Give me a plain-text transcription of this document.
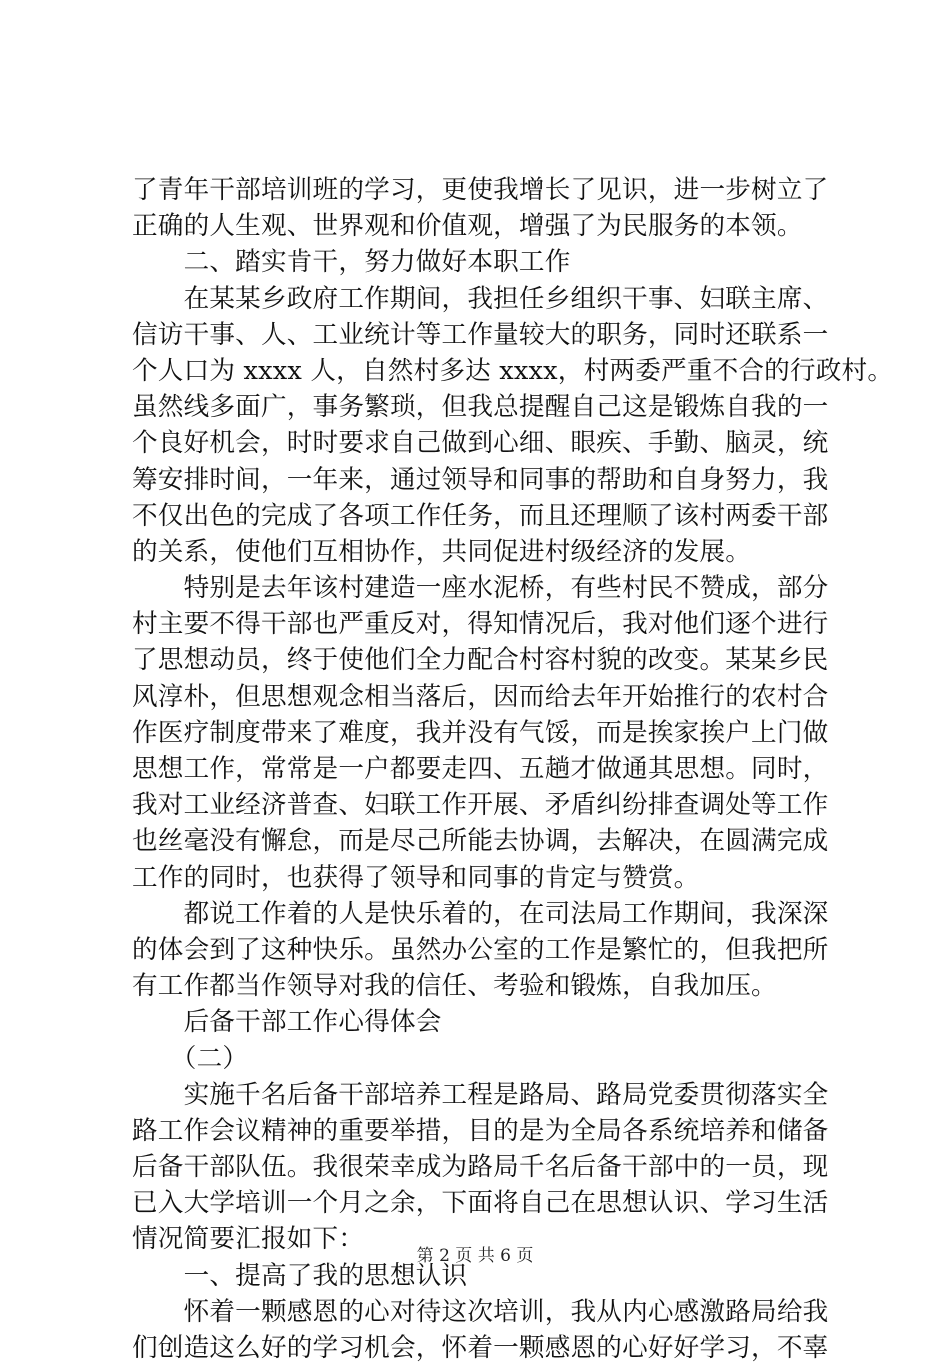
了青年干部培训班的学习，更使我增长了见识，进一步树立了
正确的人生观、世界观和价值观，增强了为民服务的本领。
　　二、踏实肯干，努力做好本职工作
　　在某某乡政府工作期间，我担任乡组织干事、妇联主席、
信访干事、人、工业统计等工作量较大的职务，同时还联系一
个人口为 xxxx 人，自然村多达 xxxx，村两委严重不合的行政村。
虽然线多面广，事务繁琐，但我总提醒自己这是锻炼自我的一
个良好机会，时时要求自己做到心细、眼疾、手勤、脑灵，统
筹安排时间，一年来，通过领导和同事的帮助和自身努力，我
不仅出色的完成了各项工作任务，而且还理顺了该村两委干部
的关系，使他们互相协作，共同促进村级经济的发展。
　　特别是去年该村建造一座水泥桥，有些村民不赞成，部分
村主要不得干部也严重反对，得知情况后，我对他们逐个进行
了思想动员，终于使他们全力配合村容村貌的改变。某某乡民
风淳朴，但思想观念相当落后，因而给去年开始推行的农村合
作医疗制度带来了难度，我并没有气馁，而是挨家挨户上门做
思想工作，常常是一户都要走四、五趟才做通其思想。同时，
我对工业经济普查、妇联工作开展、矛盾纠纷排查调处等工作
也丝毫没有懈怠，而是尽己所能去协调，去解决，在圆满完成
工作的同时，也获得了领导和同事的肯定与赞赏。
　　都说工作着的人是快乐着的，在司法局工作期间，我深深
的体会到了这种快乐。虽然办公室的工作是繁忙的，但我把所
有工作都当作领导对我的信任、考验和锻炼，自我加压。
　　后备干部工作心得体会
　　（二）
　　实施千名后备干部培养工程是路局、路局党委贯彻落实全
路工作会议精神的重要举措，目的是为全局各系统培养和储备
后备干部队伍。我很荣幸成为路局千名后备干部中的一员，现
已入大学培训一个月之余，下面将自己在思想认识、学习生活
情况简要汇报如下：
　　一、提高了我的思想认识
　　怀着一颗感恩的心对待这次培训，我从内心感激路局给我
们创造这么好的学习机会，怀着一颗感恩的心好好学习，不辜
第 2 页 共 6 页
